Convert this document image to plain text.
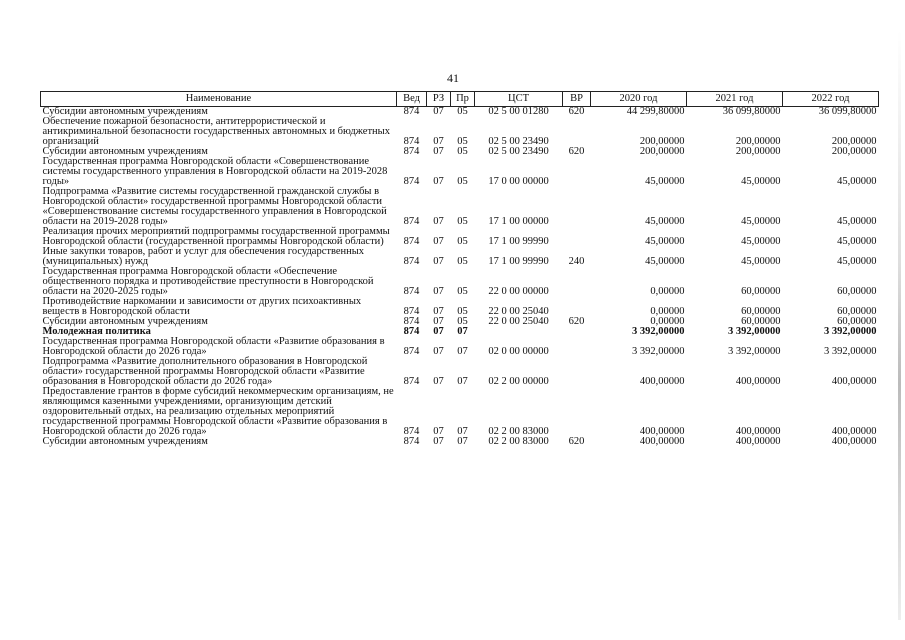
41
Наименование	Вед	РЗ	Пр	ЦСТ	ВР	2020 год	2021 год	2022 год
Субсидии автономным учреждениям	874	07	05	02 5 00 01280	620	44 299,80000	36 099,80000	36 099,80000
Обеспечение пожарной безопасности, антитеррористической и антикриминальной безопасности государственных автономных и бюджетных организаций	874	07	05	02 5 00 23490		200,00000	200,00000	200,00000
Субсидии автономным учреждениям	874	07	05	02 5 00 23490	620	200,00000	200,00000	200,00000
Государственная программа Новгородской области «Совершенствование системы государственного управления в Новгородской области на 2019-2028 годы»	874	07	05	17 0 00 00000		45,00000	45,00000	45,00000
Подпрограмма «Развитие системы государственной гражданской службы в Новгородской области» государственной программы Новгородской области «Совершенствование системы государственного управления в Новгородской области на 2019-2028 годы»	874	07	05	17 1 00 00000		45,00000	45,00000	45,00000
Реализация прочих мероприятий подпрограммы государственной программы Новгородской области (государственной программы Новгородской области)	874	07	05	17 1 00 99990		45,00000	45,00000	45,00000
Иные закупки товаров, работ и услуг для обеспечения государственных (муниципальных) нужд	874	07	05	17 1 00 99990	240	45,00000	45,00000	45,00000
Государственная программа Новгородской области «Обеспечение общественного порядка и противодействие преступности в Новгородской области на 2020-2025 годы»	874	07	05	22 0 00 00000		0,00000	60,00000	60,00000
Противодействие наркомании и зависимости от других психоактивных веществ в Новгородской области	874	07	05	22 0 00 25040		0,00000	60,00000	60,00000
Субсидии автономным учреждениям	874	07	05	22 0 00 25040	620	0,00000	60,00000	60,00000
Молодежная политика	874	07	07			3 392,00000	3 392,00000	3 392,00000
Государственная программа Новгородской области «Развитие образования в Новгородской области до 2026 года»	874	07	07	02 0 00 00000		3 392,00000	3 392,00000	3 392,00000
Подпрограмма «Развитие дополнительного образования в Новгородской области» государственной программы Новгородской области «Развитие образования в Новгородской области до 2026 года»	874	07	07	02 2 00 00000		400,00000	400,00000	400,00000
Предоставление грантов в форме субсидий некоммерческим организациям, не являющимся казенными учреждениями, организующим детский оздоровительный отдых, на реализацию отдельных мероприятий государственной программы Новгородской области «Развитие образования в Новгородской области до 2026 года»	874	07	07	02 2 00 83000		400,00000	400,00000	400,00000
Субсидии автономным учреждениям	874	07	07	02 2 00 83000	620	400,00000	400,00000	400,00000
